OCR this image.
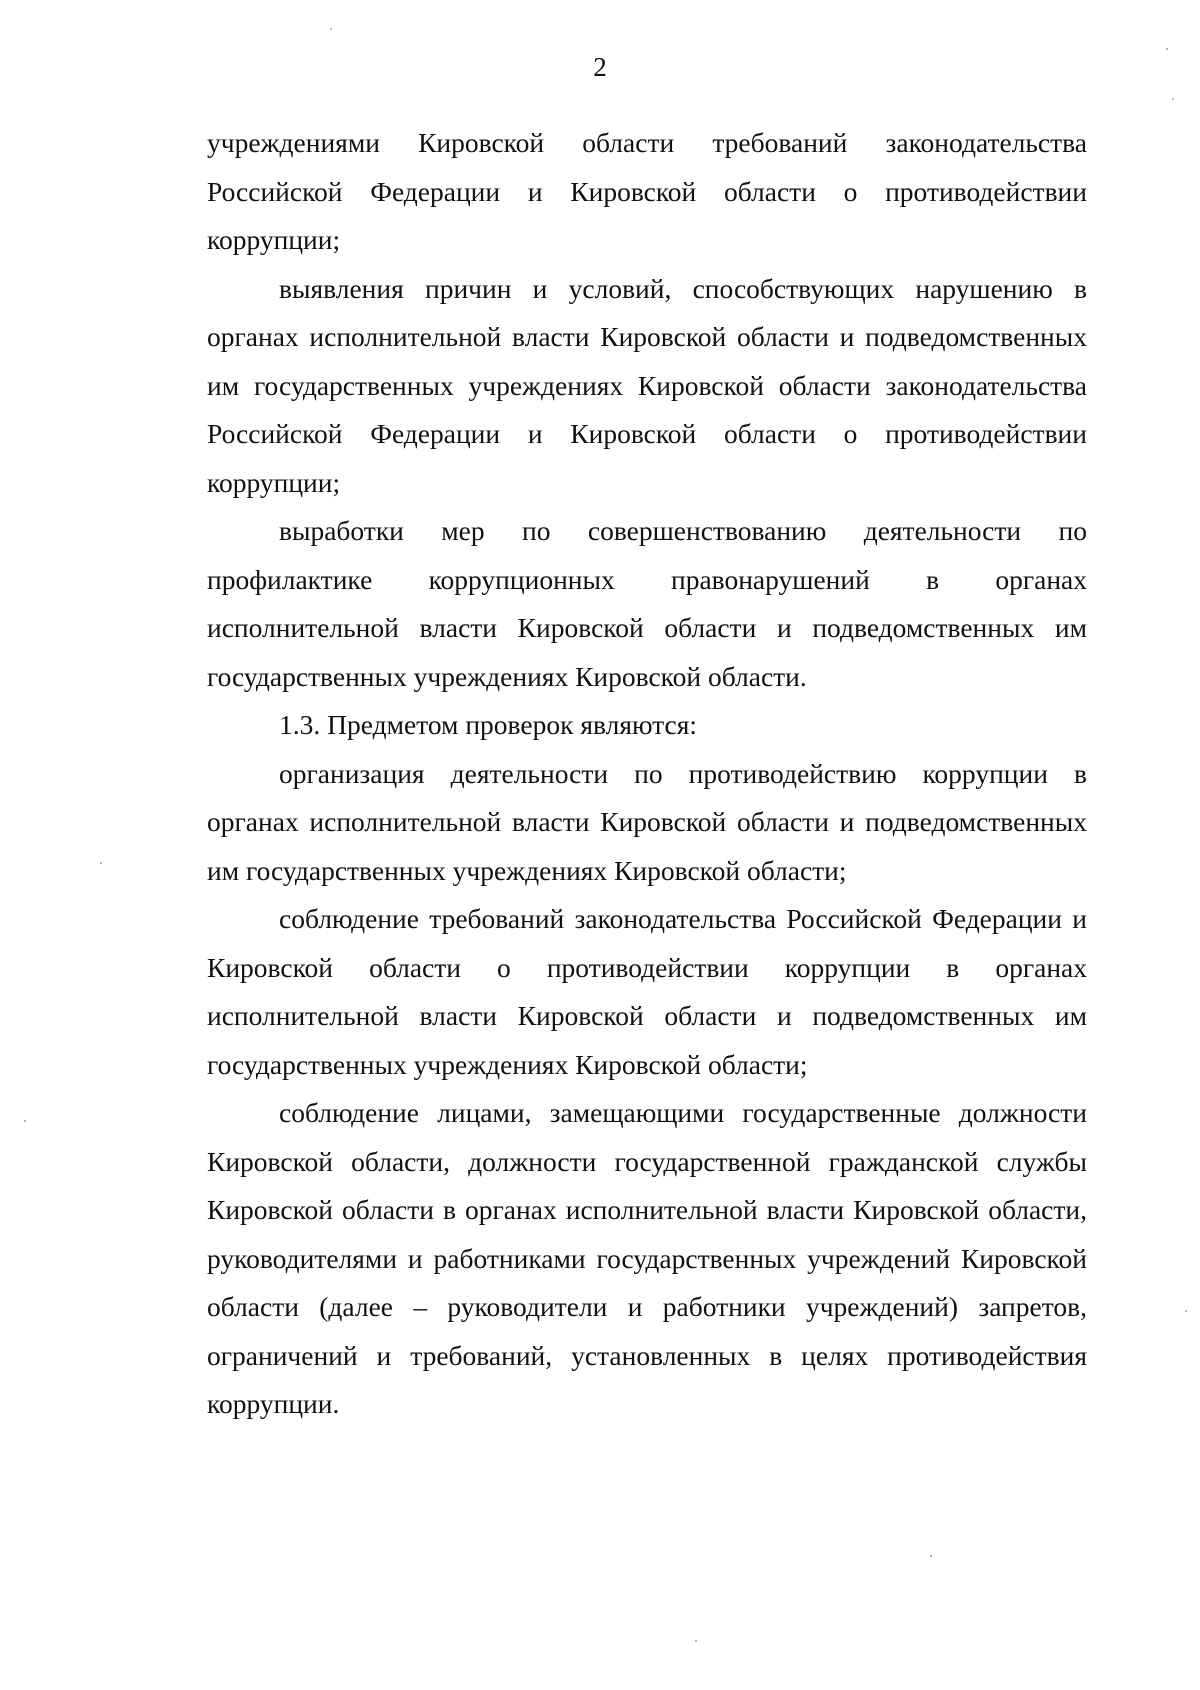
2

учреждениями Кировской области требований законодательства Российской Федерации и Кировской области о противодействии коррупции;

выявления причин и условий, способствующих нарушению в органах исполнительной власти Кировской области и подведомственных им государственных учреждениях Кировской области законодательства Российской Федерации и Кировской области о противодействии коррупции;

выработки мер по совершенствованию деятельности по профилактике коррупционных правонарушений в органах исполнительной власти Кировской области и подведомственных им государственных учреждениях Кировской области.

1.3. Предметом проверок являются:

организация деятельности по противодействию коррупции в органах исполнительной власти Кировской области и подведомственных им государственных учреждениях Кировской области;

соблюдение требований законодательства Российской Федерации и Кировской области о противодействии коррупции в органах исполнительной власти Кировской области и подведомственных им государственных учреждениях Кировской области;

соблюдение лицами, замещающими государственные должности Кировской области, должности государственной гражданской службы Кировской области в органах исполнительной власти Кировской области, руководителями и работниками государственных учреждений Кировской области (далее – руководители и работники учреждений) запретов, ограничений и требований, установленных в целях противодействия коррупции.
